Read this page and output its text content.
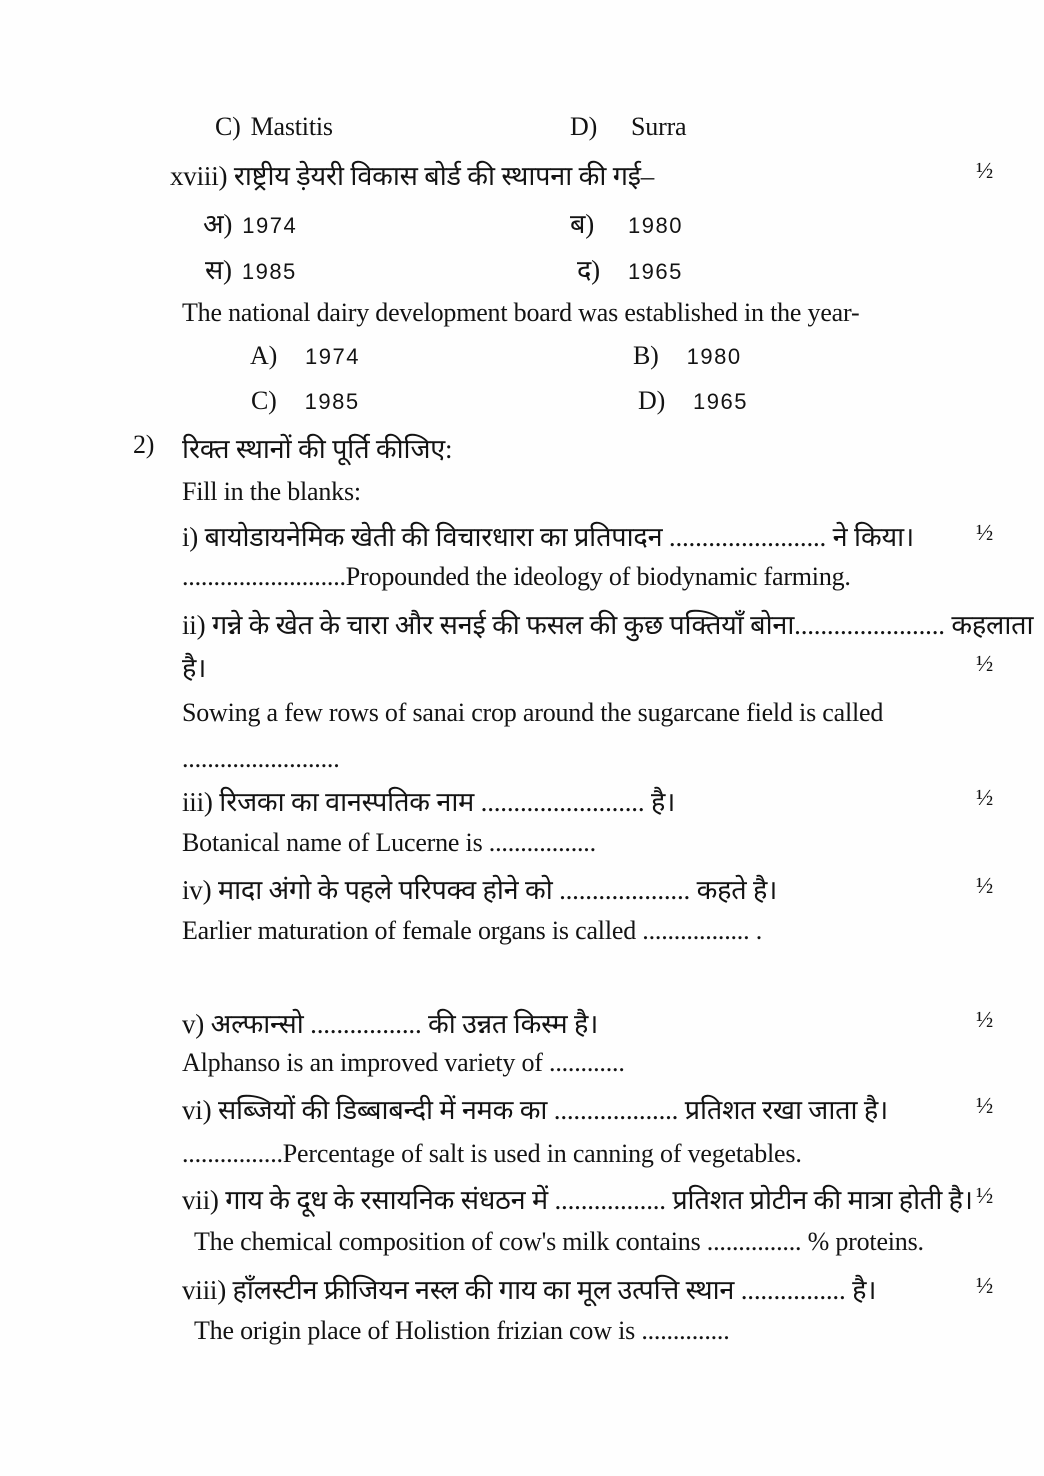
C) Mastitis	D) Surra
xviii) राष्ट्रीय ड़ेयरी विकास बोर्ड की स्थापना की गई–	½
अ) 1974	ब) 1980
स) 1985	द) 1965
The national dairy development board was established in the year-
A) 1974	B) 1980
C) 1985	D) 1965
2) रिक्त स्थानों की पूर्ति कीजिए:
Fill in the blanks:
i) बायोडायनेमिक खेती की विचारधारा का प्रतिपादन ........................ ने किया।	½
..........................Propounded the ideology of biodynamic farming.
ii) गन्ने के खेत के चारा और सनई की फसल की कुछ पक्तियाँ बोना....................... कहलाता
है।	½
Sowing a few rows of sanai crop around the sugarcane field is called
.........................
iii) रिजका का वानस्पतिक नाम ......................... है।	½
Botanical name of Lucerne is .................
iv) मादा अंगो के पहले परिपक्व होने को .................... कहते है।	½
Earlier maturation of female organs is called ................. .
v) अल्फान्सो ................. की उन्नत किस्म है।	½
Alphanso is an improved variety of ............
vi) सब्जियों की डिब्बाबन्दी में नमक का ................... प्रतिशत रखा जाता है।	½
................Percentage of salt is used in canning of vegetables.
vii) गाय के दूध के रसायनिक संधठन में ................. प्रतिशत प्रोटीन की मात्रा होती है। ½
The chemical composition of cow's milk contains ............... % proteins.
viii) हाँलस्टीन फ्रीजियन नस्ल की गाय का मूल उत्पत्ति स्थान ................ है।	½
The origin place of Holistion frizian cow is ..............
